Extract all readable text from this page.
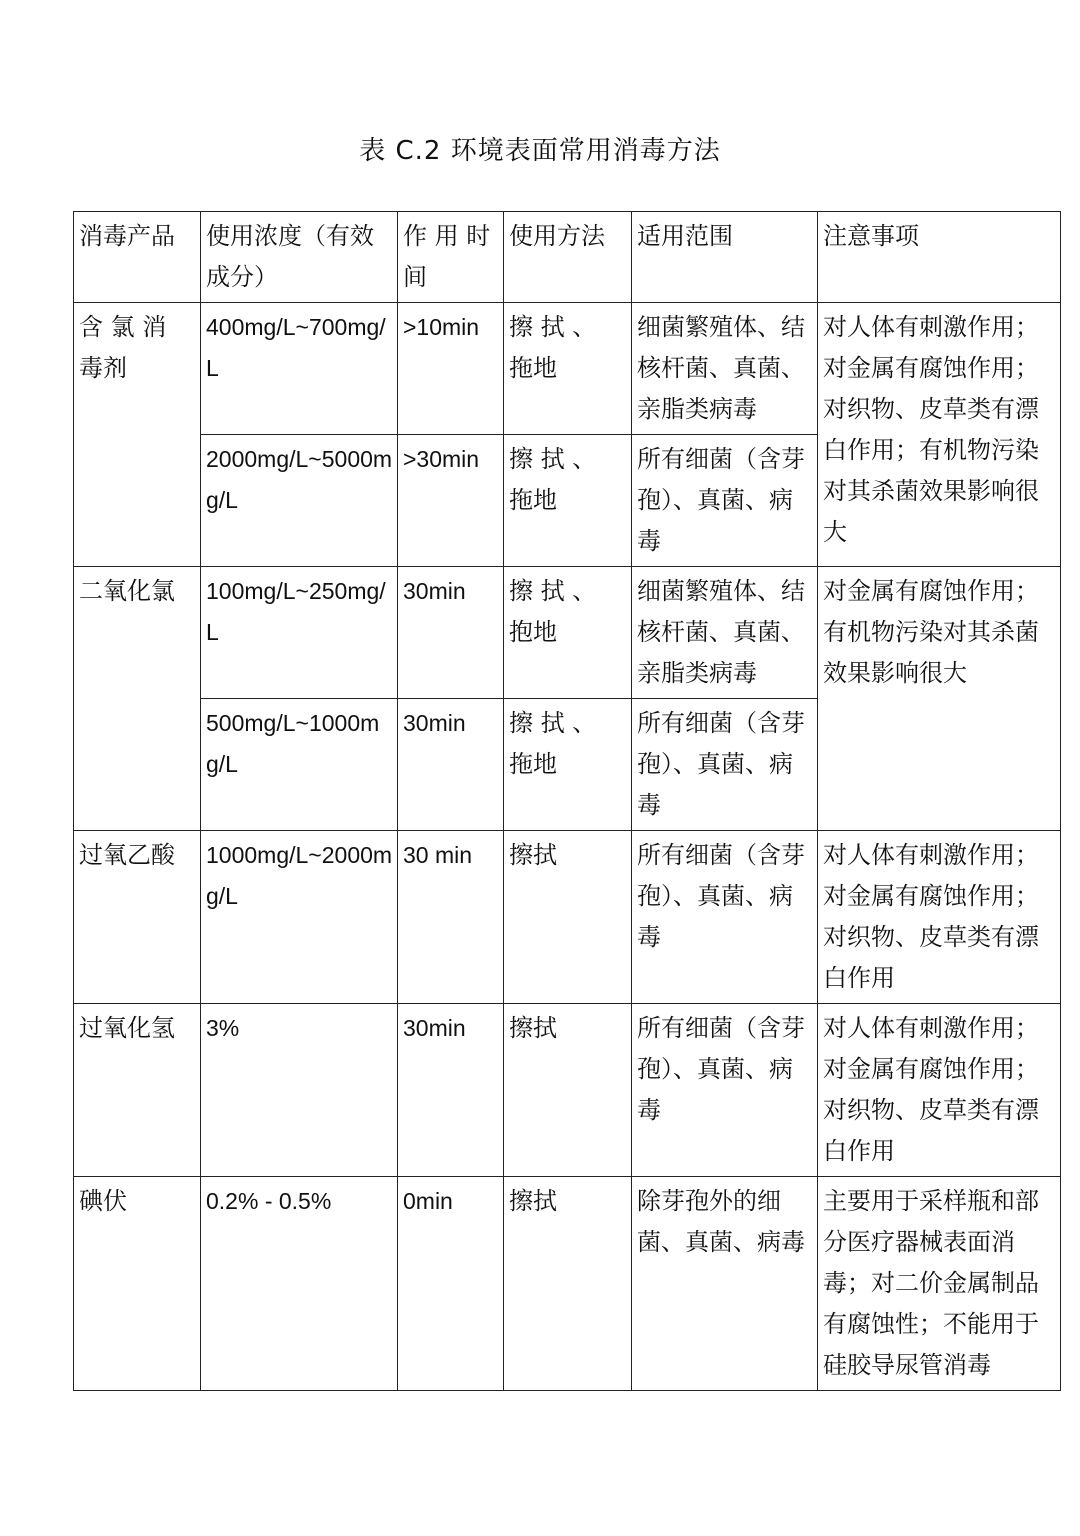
表 C.2 环境表面常用消毒方法
消毒产品	使用浓度（有效成分）	作 用 时 间	使用方法	适用范围	注意事项
含 氯 消 毒剂	400mg/L~700mg/L	>10min	擦 拭 、 拖地	细菌繁殖体、结核杆菌、真菌、亲脂类病毒	对人体有刺激作用；对金属有腐蚀作用；对织物、皮草类有漂白作用；有机物污染对其杀菌效果影响很大
	2000mg/L~5000mg/L	>30min	擦 拭 、 拖地	所有细菌（含芽孢）、真菌、病毒	
二氧化氯	100mg/L~250mg/L	30min	擦 拭 、 抱地	细菌繁殖体、结核杆菌、真菌、亲脂类病毒	对金属有腐蚀作用；有机物污染对其杀菌效果影响很大
	500mg/L~1000mg/L	30min	擦 拭 、 拖地	所有细菌（含芽孢）、真菌、病毒	
过氧乙酸	1000mg/L~2000mg/L	30 min	擦拭	所有细菌（含芽孢）、真菌、病毒	对人体有刺激作用；对金属有腐蚀作用；对织物、皮草类有漂白作用
过氧化氢	3%	30min	擦拭	所有细菌（含芽孢）、真菌、病毒	对人体有刺激作用；对金属有腐蚀作用；对织物、皮草类有漂白作用
碘伏	0.2% - 0.5%	0min	擦拭	除芽孢外的细菌、真菌、病毒	主要用于采样瓶和部分医疗器械表面消毒；对二价金属制品有腐蚀性；不能用于硅胶导尿管消毒
